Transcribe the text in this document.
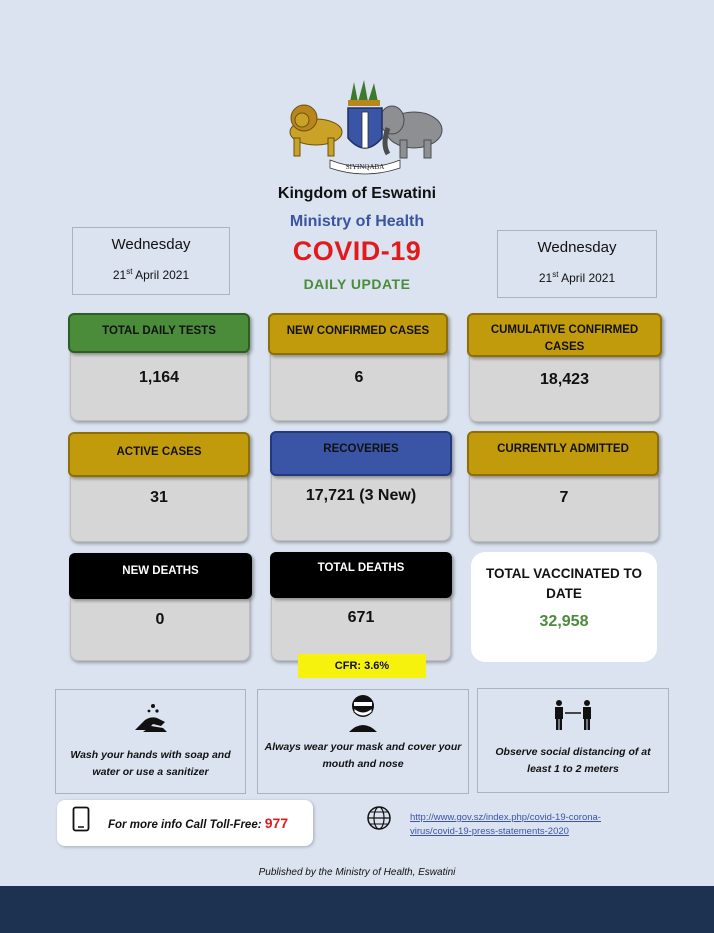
SIYINQABA
Kingdom of Eswatini
Ministry of Health
COVID-19
DAILY UPDATE
Wednesday
21st April 2021
Wednesday
21st April 2021
1,164
TOTAL DAILY TESTS
6
NEW CONFIRMED CASES
18,423
CUMULATIVE CONFIRMED CASES
31
ACTIVE CASES
17,721 (3 New)
RECOVERIES
7
CURRENTLY ADMITTED
0
NEW DEATHS
671
TOTAL DEATHS	TOTAL VACCINATED TO DATE
32,958
CFR: 3.6%
Wash your hands with soap and water or use a sanitizer
Always wear your mask and cover your mouth and nose
Observe social distancing of at least 1 to 2 meters
For more info Call Toll-Free: 977	http://www.gov.sz/index.php/covid-19-corona-
virus/covid-19-press-statements-2020
Published by the Ministry of Health, Eswatini
